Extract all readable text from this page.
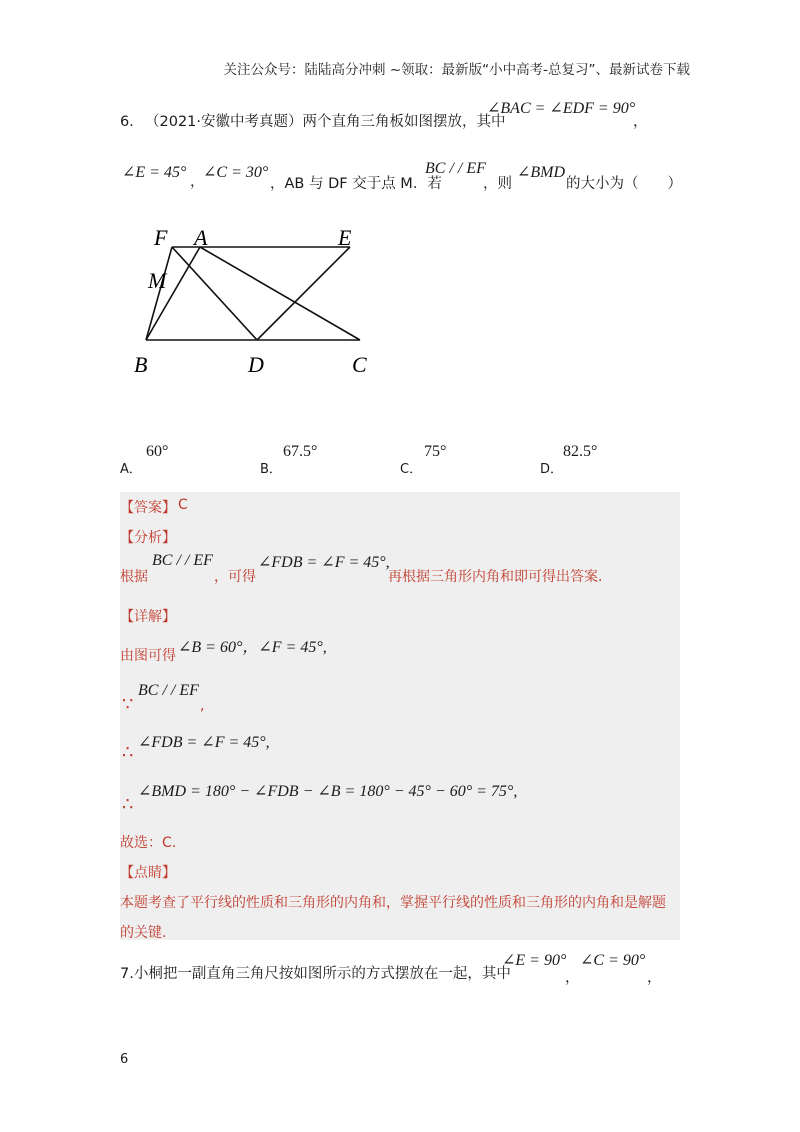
关注公众号：陆陆高分冲刺 ~领取：最新版“小中高考-总复习”、最新试卷下载
6． （2021·安徽中考真题）两个直角三角板如图摆放，其中
∠BAC = ∠EDF = 90°
，
∠E = 45°
，
∠C = 30°
，AB 与 DF 交于点 M．若
BC / / EF
，则
∠BMD
的大小为（　　）
F A	E
M
B	D	C
A．
60°
B．
67.5°
C．
75°
D．
82.5°
【答案】 C
【分析】
根据
BC / / EF
，可得
∠FDB = ∠F = 45°,
再根据三角形内角和即可得出答案.
【详解】
由图可得 ∠B = 60°，∠F = 45°,
∵
BC / / EF
,
∴ ∠FDB = ∠F = 45°,
∴
∠BMD = 180° − ∠FDB − ∠B = 180° − 45° − 60° = 75°,
故选：C.
【点睛】
本题考查了平行线的性质和三角形的内角和，掌握平行线的性质和三角形的内角和是解题
的关键.
7.小桐把一副直角三角尺按如图所示的方式摆放在一起，其中
∠E = 90°
，
∠C = 90°
，
6
